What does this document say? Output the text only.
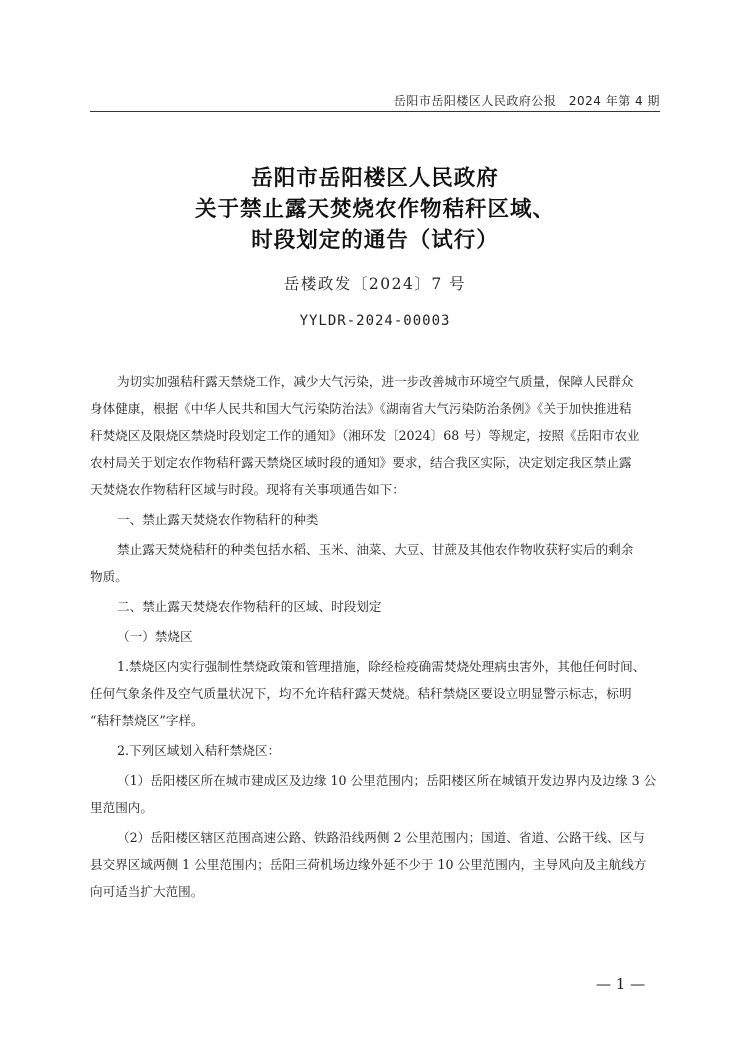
岳阳市岳阳楼区人民政府公报　2024 年第 4 期
岳阳市岳阳楼区人民政府
关于禁止露天焚烧农作物秸秆区域、
时段划定的通告（试行）
岳楼政发〔2024〕7 号
YYLDR-2024-00003
为切实加强秸秆露天禁烧工作，减少大气污染，进一步改善城市环境空气质量，保障人民群众
身体健康，根据《中华人民共和国大气污染防治法》《湖南省大气污染防治条例》《关于加快推进秸
秆焚烧区及限烧区禁烧时段划定工作的通知》（湘环发〔2024〕68 号）等规定，按照《岳阳市农业
农村局关于划定农作物秸秆露天禁烧区域时段的通知》要求，结合我区实际，决定划定我区禁止露
天焚烧农作物秸秆区域与时段。现将有关事项通告如下：
一、禁止露天焚烧农作物秸秆的种类
禁止露天焚烧秸秆的种类包括水稻、玉米、油菜、大豆、甘蔗及其他农作物收获籽实后的剩余
物质。
二、禁止露天焚烧农作物秸秆的区域、时段划定
（一）禁烧区
1.禁烧区内实行强制性禁烧政策和管理措施，除经检疫确需焚烧处理病虫害外，其他任何时间、
任何气象条件及空气质量状况下，均不允许秸秆露天焚烧。秸秆禁烧区要设立明显警示标志，标明
“秸秆禁烧区”字样。
2.下列区域划入秸秆禁烧区：
（1）岳阳楼区所在城市建成区及边缘 10 公里范围内；岳阳楼区所在城镇开发边界内及边缘 3 公
里范围内。
（2）岳阳楼区辖区范围高速公路、铁路沿线两侧 2 公里范围内；国道、省道、公路干线、区与
县交界区域两侧 1 公里范围内；岳阳三荷机场边缘外延不少于 10 公里范围内，主导风向及主航线方
向可适当扩大范围。
— 1 —
